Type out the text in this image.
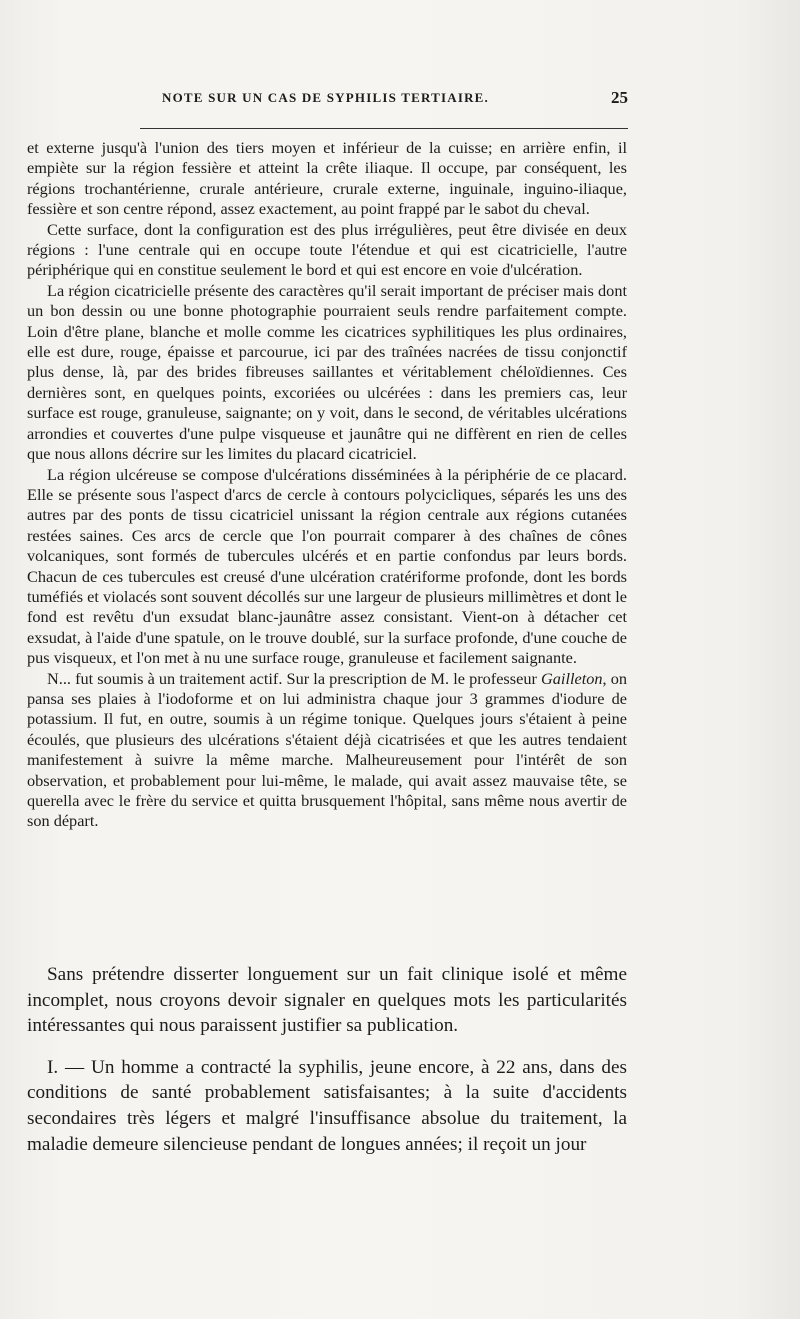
NOTE SUR UN CAS DE SYPHILIS TERTIAIRE.	25

et externe jusqu'à l'union des tiers moyen et inférieur de la cuisse; en arrière enfin, il empiète sur la région fessière et atteint la crête iliaque. Il occupe, par conséquent, les régions trochantérienne, crurale antérieure, crurale externe, inguinale, inguino-iliaque, fessière et son centre répond, assez exactement, au point frappé par le sabot du cheval.

Cette surface, dont la configuration est des plus irrégulières, peut être divisée en deux régions : l'une centrale qui en occupe toute l'étendue et qui est cicatricielle, l'autre périphérique qui en constitue seulement le bord et qui est encore en voie d'ulcération.

La région cicatricielle présente des caractères qu'il serait important de préciser mais dont un bon dessin ou une bonne photographie pourraient seuls rendre parfaitement compte. Loin d'être plane, blanche et molle comme les cicatrices syphilitiques les plus ordinaires, elle est dure, rouge, épaisse et parcourue, ici par des traînées nacrées de tissu conjonctif plus dense, là, par des brides fibreuses saillantes et véritablement chéloïdiennes. Ces dernières sont, en quelques points, excoriées ou ulcérées : dans les premiers cas, leur surface est rouge, granuleuse, saignante; on y voit, dans le second, de véritables ulcérations arrondies et couvertes d'une pulpe visqueuse et jaunâtre qui ne diffèrent en rien de celles que nous allons décrire sur les limites du placard cicatriciel.

La région ulcéreuse se compose d'ulcérations disséminées à la périphérie de ce placard. Elle se présente sous l'aspect d'arcs de cercle à contours polycicliques, séparés les uns des autres par des ponts de tissu cicatriciel unissant la région centrale aux régions cutanées restées saines. Ces arcs de cercle que l'on pourrait comparer à des chaînes de cônes volcaniques, sont formés de tubercules ulcérés et en partie confondus par leurs bords. Chacun de ces tubercules est creusé d'une ulcération cratériforme profonde, dont les bords tuméfiés et violacés sont souvent décollés sur une largeur de plusieurs millimètres et dont le fond est revêtu d'un exsudat blanc-jaunâtre assez consistant. Vient-on à détacher cet exsudat, à l'aide d'une spatule, on le trouve doublé, sur la surface profonde, d'une couche de pus visqueux, et l'on met à nu une surface rouge, granuleuse et facilement saignante.

N... fut soumis à un traitement actif. Sur la prescription de M. le professeur Gailleton, on pansa ses plaies à l'iodoforme et on lui administra chaque jour 3 grammes d'iodure de potassium. Il fut, en outre, soumis à un régime tonique. Quelques jours s'étaient à peine écoulés, que plusieurs des ulcérations s'étaient déjà cicatrisées et que les autres tendaient manifestement à suivre la même marche. Malheureusement pour l'intérêt de son observation, et probablement pour lui-même, le malade, qui avait assez mauvaise tête, se querella avec le frère du service et quitta brusquement l'hôpital, sans même nous avertir de son départ.

Sans prétendre disserter longuement sur un fait clinique isolé et même incomplet, nous croyons devoir signaler en quelques mots les particularités intéressantes qui nous paraissent justifier sa publication.

I. — Un homme a contracté la syphilis, jeune encore, à 22 ans, dans des conditions de santé probablement satisfaisantes; à la suite d'accidents secondaires très légers et malgré l'insuffisance absolue du traitement, la maladie demeure silencieuse pendant de longues années; il reçoit un jour
